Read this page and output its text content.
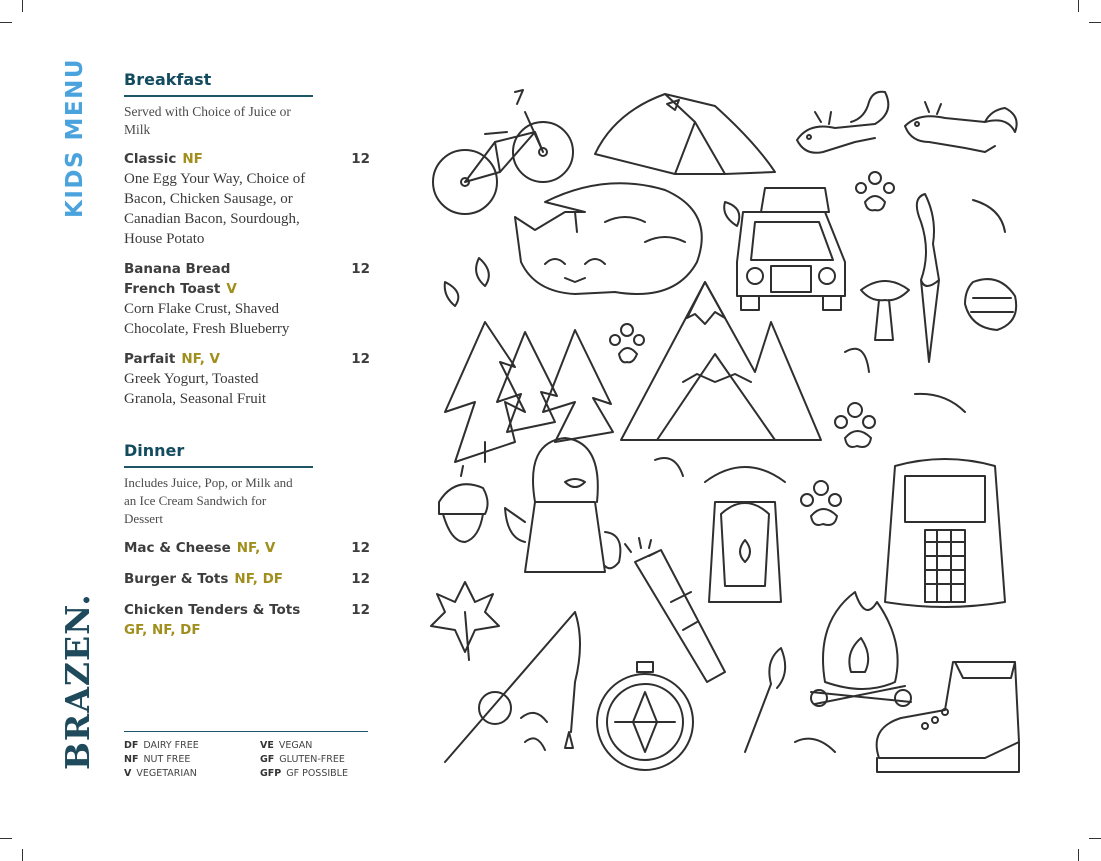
KIDS MENU
BRAZEN.
Breakfast
Served with Choice of Juice or Milk
Classic NF	12
One Egg Your Way, Choice of Bacon, Chicken Sausage, or Canadian Bacon, Sourdough, House Potato
Banana Bread French Toast V
12
Corn Flake Crust, Shaved Chocolate, Fresh Blueberry
Parfait NF, V	12
Greek Yogurt, Toasted Granola, Seasonal Fruit
Dinner
Includes Juice, Pop, or Milk and an Ice Cream Sandwich for Dessert
Mac & Cheese NF, V	12
Burger & Tots NF, DF	12
Chicken Tenders & Tots
GF, NF, DF
12
DF DAIRY FREE	VE VEGAN
NF NUT FREE	GF GLUTEN-FREE
V VEGETARIAN	GFP GF POSSIBLE
